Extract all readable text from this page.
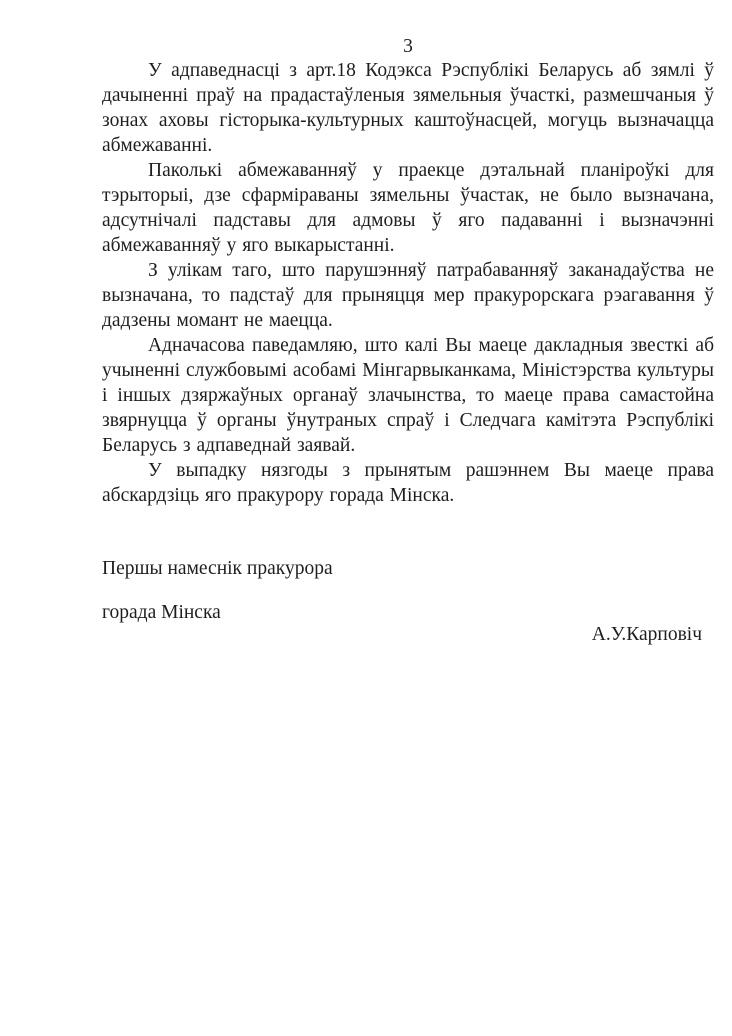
3

У адпаведнасці з арт.18 Кодэкса Рэспублікі Беларусь аб зямлі ў дачыненні праў на прадастаўленыя зямельныя ўчасткі, размешчаныя ў зонах аховы гісторыка-культурных каштоўнасцей, могуць вызначацца абмежаванні.

Паколькі абмежаванняў у праекце дэтальнай планіроўкі для тэрыторыі, дзе сфарміраваны зямельны ўчастак, не было вызначана, адсутнічалі падставы для адмовы ў яго падаванні і вызначэнні абмежаванняў у яго выкарыстанні.

З улікам таго, што парушэнняў патрабаванняў заканадаўства не вызначана, то падстаў для прыняцця мер пракурорскага рэагавання ў дадзены момант не маецца.

Адначасова паведамляю, што калі Вы маеце дакладныя звесткі аб учыненні службовымі асобамі Мінгарвыканкама, Міністэрства культуры і іншых дзяржаўных органаў злачынства, то маеце права самастойна звярнуцца ў органы ўнутраных спраў і Следчага камітэта Рэспублікі Беларусь з адпаведнай заявай.

У выпадку нязгоды з прынятым рашэннем Вы маеце права абскардзіць яго пракурору горада Мінска.

Першы намеснік пракурора

горада Мінска

А.У.Карповіч
